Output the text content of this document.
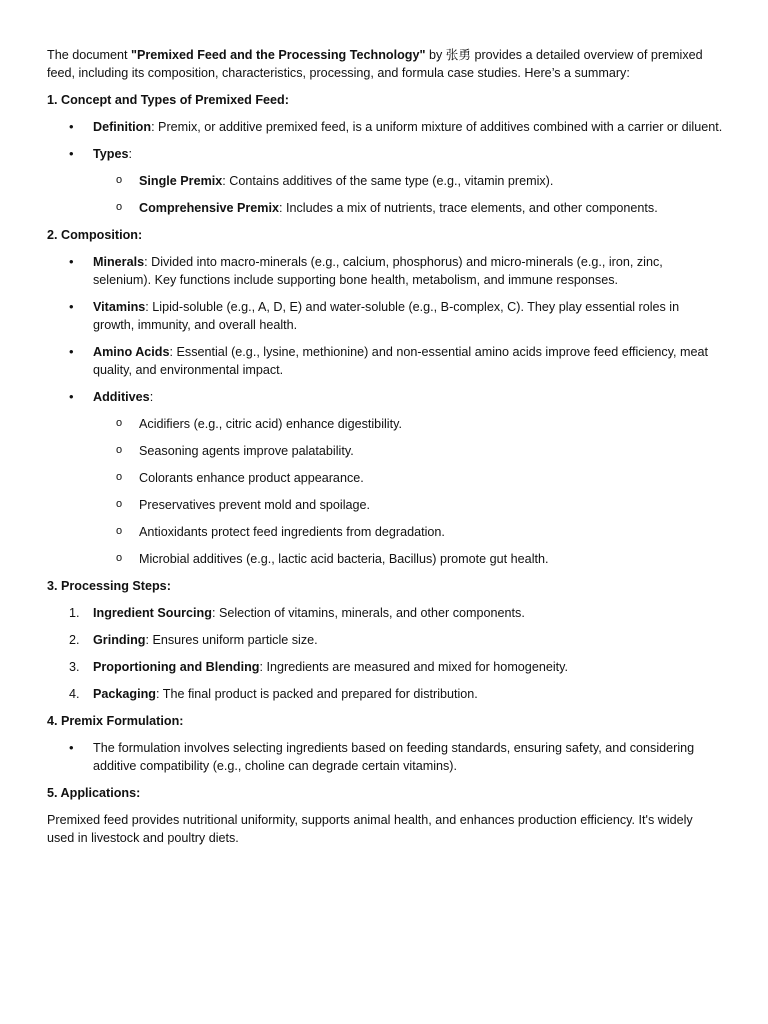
The document "Premixed Feed and the Processing Technology" by 张勇 provides a detailed overview of premixed feed, including its composition, characteristics, processing, and formula case studies. Here’s a summary:

1. Concept and Types of Premixed Feed:

• Definition: Premix, or additive premixed feed, is a uniform mixture of additives combined with a carrier or diluent.
• Types:
o Single Premix: Contains additives of the same type (e.g., vitamin premix).
o Comprehensive Premix: Includes a mix of nutrients, trace elements, and other components.

2. Composition:

• Minerals: Divided into macro-minerals (e.g., calcium, phosphorus) and micro-minerals (e.g., iron, zinc, selenium). Key functions include supporting bone health, metabolism, and immune responses.
• Vitamins: Lipid-soluble (e.g., A, D, E) and water-soluble (e.g., B-complex, C). They play essential roles in growth, immunity, and overall health.
• Amino Acids: Essential (e.g., lysine, methionine) and non-essential amino acids improve feed efficiency, meat quality, and environmental impact.
• Additives:
o Acidifiers (e.g., citric acid) enhance digestibility.
o Seasoning agents improve palatability.
o Colorants enhance product appearance.
o Preservatives prevent mold and spoilage.
o Antioxidants protect feed ingredients from degradation.
o Microbial additives (e.g., lactic acid bacteria, Bacillus) promote gut health.

3. Processing Steps:

1. Ingredient Sourcing: Selection of vitamins, minerals, and other components.
2. Grinding: Ensures uniform particle size.
3. Proportioning and Blending: Ingredients are measured and mixed for homogeneity.
4. Packaging: The final product is packed and prepared for distribution.

4. Premix Formulation:

• The formulation involves selecting ingredients based on feeding standards, ensuring safety, and considering additive compatibility (e.g., choline can degrade certain vitamins).

5. Applications:

Premixed feed provides nutritional uniformity, supports animal health, and enhances production efficiency. It's widely used in livestock and poultry diets.
